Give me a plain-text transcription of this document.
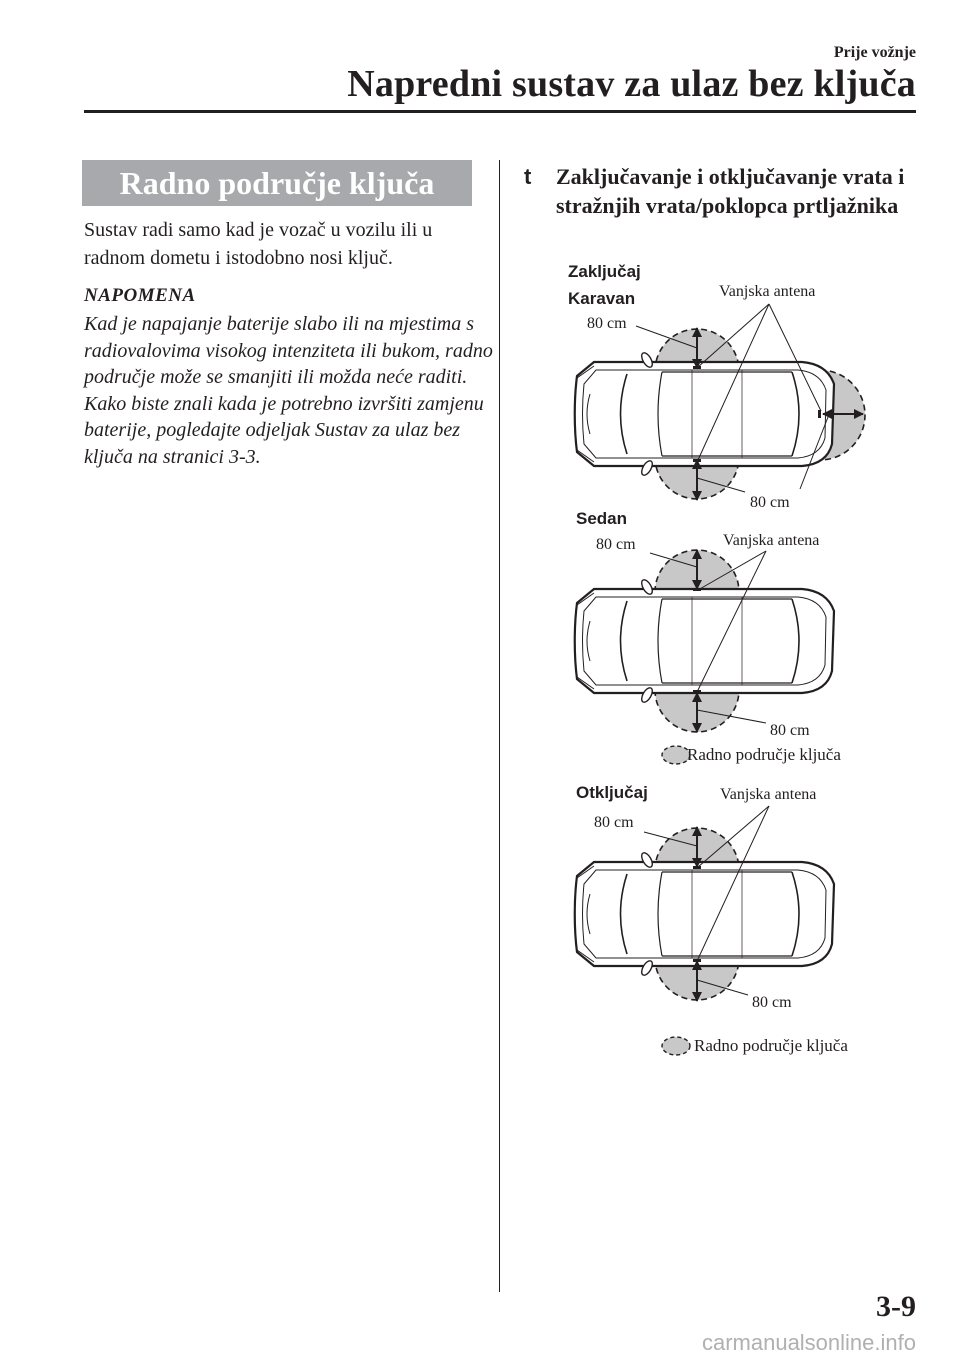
Prije vožnje
Napredni sustav za ulaz bez ključa
Radno područje ključa

Sustav radi samo kad je vozač u vozilu ili u radnom dometu i istodobno nosi ključ.

NAPOMENA

Kad je napajanje baterije slabo ili na mjestima s radiovalovima visokog intenziteta ili bukom, radno područje može se smanjiti ili možda neće raditi. Kako biste znali kada je potrebno izvršiti zamjenu baterije, pogledajte odjeljak Sustav za ulaz bez ključa na stranici 3-3.

t Zaključavanje i otključavanje vrata i stražnjih vrata/poklopca prtljažnika

Zaključaj
Karavan	Vanjska antena
80 cm
80 cm
Sedan
Vanjska antena
80 cm
80 cm
Radno područje ključa
Otključaj	Vanjska antena
80 cm
80 cm
Radno područje ključa
3-9
carmanualsonline.info
